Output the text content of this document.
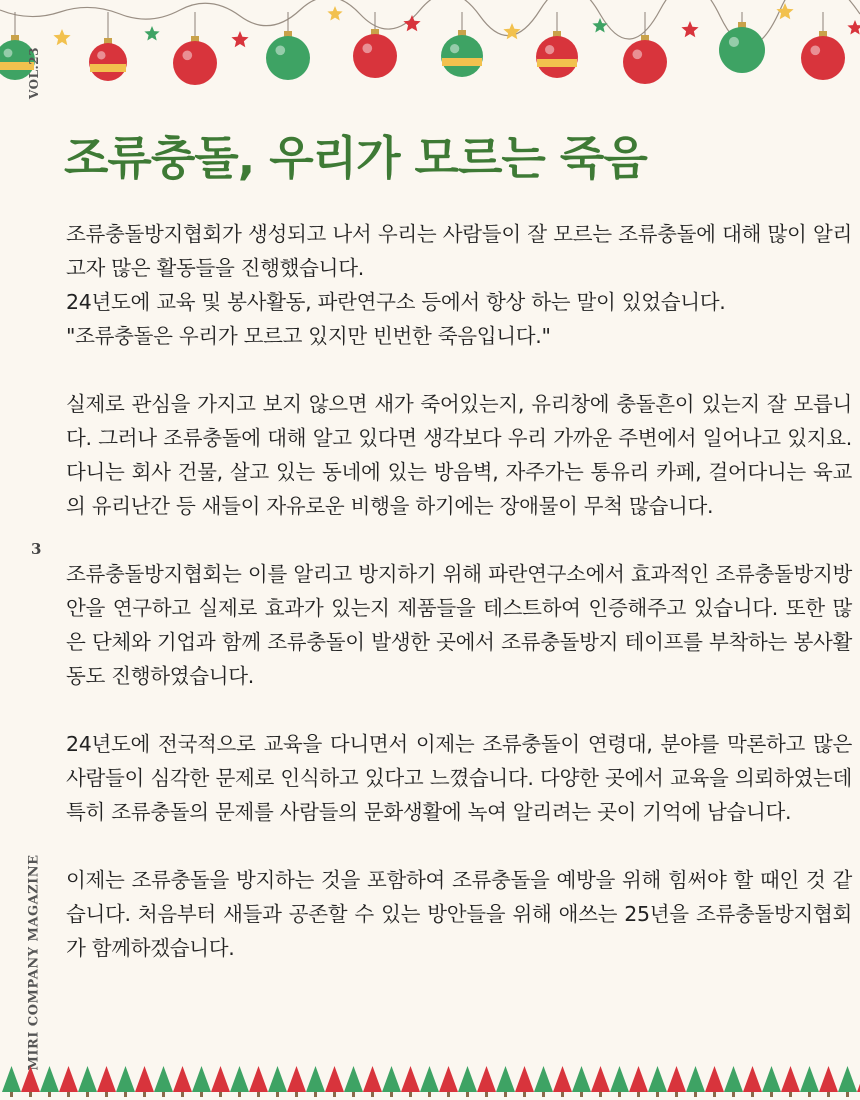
VOL.23
MIRI COMPANY MAGAZINE
3
조류충돌, 우리가 모르는 죽음

조류충돌방지협회가 생성되고 나서 우리는 사람들이 잘 모르는 조류충돌에 대해 많이 알리고자 많은 활동들을 진행했습니다.
24년도에 교육 및 봉사활동, 파란연구소 등에서 항상 하는 말이 있었습니다.
"조류충돌은 우리가 모르고 있지만 빈번한 죽음입니다."

실제로 관심을 가지고 보지 않으면 새가 죽어있는지, 유리창에 충돌흔이 있는지 잘 모릅니다. 그러나 조류충돌에 대해 알고 있다면 생각보다 우리 가까운 주변에서 일어나고 있지요. 다니는 회사 건물, 살고 있는 동네에 있는 방음벽, 자주가는 통유리 카페, 걸어다니는 육교의 유리난간 등 새들이 자유로운 비행을 하기에는 장애물이 무척 많습니다.

조류충돌방지협회는 이를 알리고 방지하기 위해 파란연구소에서 효과적인 조류충돌방지방안을 연구하고 실제로 효과가 있는지 제품들을 테스트하여 인증해주고 있습니다. 또한 많은 단체와 기업과 함께 조류충돌이 발생한 곳에서 조류충돌방지 테이프를 부착하는 봉사활동도 진행하였습니다.

24년도에 전국적으로 교육을 다니면서 이제는 조류충돌이 연령대, 분야를 막론하고 많은 사람들이 심각한 문제로 인식하고 있다고 느꼈습니다. 다양한 곳에서 교육을 의뢰하였는데 특히 조류충돌의 문제를 사람들의 문화생활에 녹여 알리려는 곳이 기억에 남습니다.

이제는 조류충돌을 방지하는 것을 포함하여 조류충돌을 예방을 위해 힘써야 할 때인 것 같습니다. 처음부터 새들과 공존할 수 있는 방안들을 위해 애쓰는 25년을 조류충돌방지협회가 함께하겠습니다.
